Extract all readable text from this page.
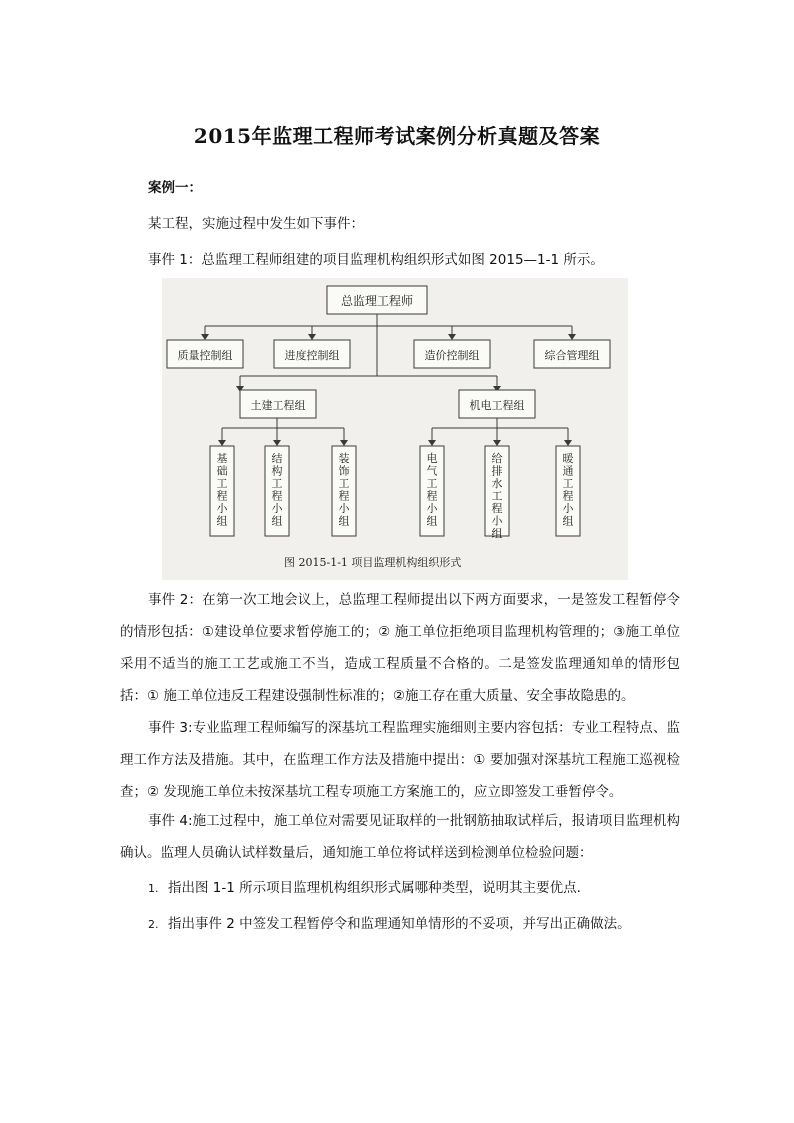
2015年监理工程师考试案例分析真题及答案
案例一：
某工程，实施过程中发生如下事件：
事件 1：总监理工程师组建的项目监理机构组织形式如图 2015—1-1 所示。
总监理工程师
质量控制组	进度控制组	造价控制组	综合管理组
土建工程组	机电工程组
基础工程小组
结构工程小组
装饰工程小组
电气工程小组
给排水工程小组
暖通工程小组
图 2015-1-1 项目监理机构组织形式
事件 2：在第一次工地会议上，总监理工程师提出以下两方面要求，一是签发工程暂停令的情形包括：①建设单位要求暂停施工的；② 施工单位拒绝项目监理机构管理的；③施工单位采用不适当的施工工艺或施工不当，造成工程质量不合格的。二是签发监理通知单的情形包括：① 施工单位违反工程建设强制性标准的；②施工存在重大质量、安全事故隐患的。
事件 3:专业监理工程师编写的深基坑工程监理实施细则主要内容包括：专业工程特点、监理工作方法及措施。其中，在监理工作方法及措施中提出：① 要加强对深基坑工程施工巡视检查；② 发现施工单位未按深基坑工程专项施工方案施工的，应立即签发工垂暂停令。
事件 4:施工过程中，施工单位对需要见证取样的一批钢筋抽取试样后，报请项目监理机构确认。监理人员确认试样数量后，通知施工单位将试样送到检测单位检验问题：
1. 指出图 1-1 所示项目监理机构组织形式属哪种类型，说明其主要优点.
2. 指出事件 2 中签发工程暂停令和监理通知单情形的不妥项，并写出正确做法。
